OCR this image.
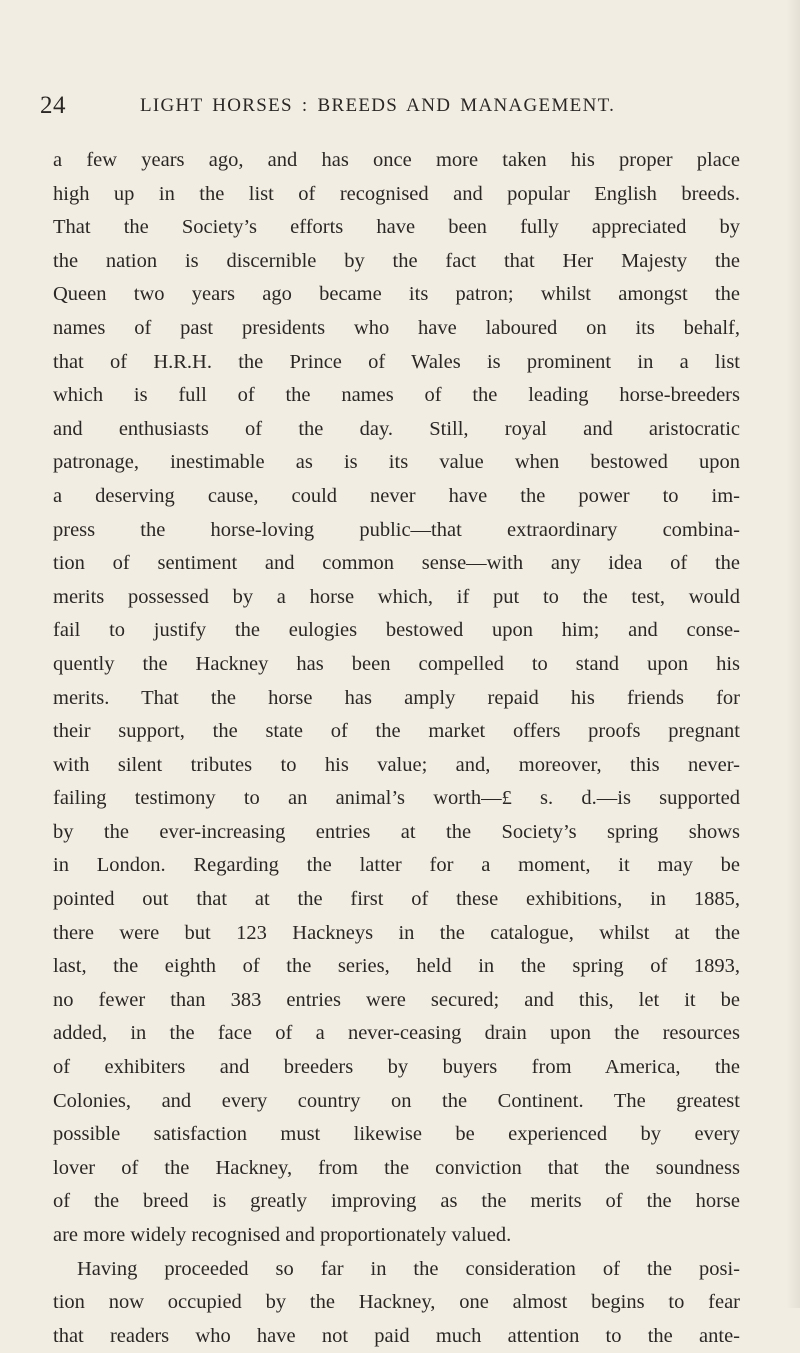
24	LIGHT HORSES : BREEDS AND MANAGEMENT.
a few years ago, and has once more taken his proper place
high up in the list of recognised and popular English breeds.
That the Society’s efforts have been fully appreciated by
the nation is discernible by the fact that Her Majesty the
Queen two years ago became its patron; whilst amongst the
names of past presidents who have laboured on its behalf,
that of H.R.H. the Prince of Wales is prominent in a list
which is full of the names of the leading horse-breeders
and enthusiasts of the day. Still, royal and aristocratic
patronage, inestimable as is its value when bestowed upon
a deserving cause, could never have the power to im-
press the horse-loving public—that extraordinary combina-
tion of sentiment and common sense—with any idea of the
merits possessed by a horse which, if put to the test, would
fail to justify the eulogies bestowed upon him; and conse-
quently the Hackney has been compelled to stand upon his
merits. That the horse has amply repaid his friends for
their support, the state of the market offers proofs pregnant
with silent tributes to his value; and, moreover, this never-
failing testimony to an animal’s worth—£ s. d.—is supported
by the ever-increasing entries at the Society’s spring shows
in London. Regarding the latter for a moment, it may be
pointed out that at the first of these exhibitions, in 1885,
there were but 123 Hackneys in the catalogue, whilst at the
last, the eighth of the series, held in the spring of 1893,
no fewer than 383 entries were secured; and this, let it be
added, in the face of a never-ceasing drain upon the resources
of exhibiters and breeders by buyers from America, the
Colonies, and every country on the Continent. The greatest
possible satisfaction must likewise be experienced by every
lover of the Hackney, from the conviction that the soundness
of the breed is greatly improving as the merits of the horse
are more widely recognised and proportionately valued.
Having proceeded so far in the consideration of the posi-
tion now occupied by the Hackney, one almost begins to fear
that readers who have not paid much attention to the ante-
